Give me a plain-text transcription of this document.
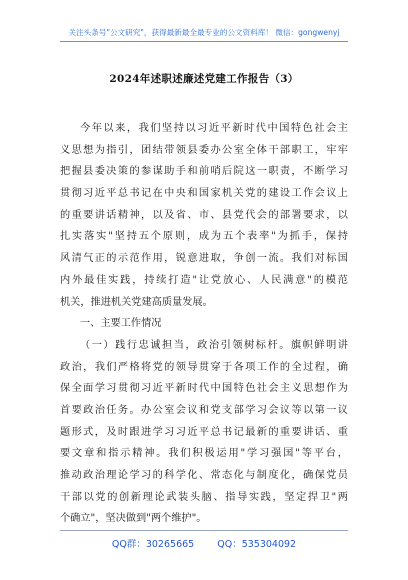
关注头条号"公文研究"，获得最新最全最专业的公文资料库！ 微信：gongwenyj
2024年述职述廉述党建工作报告（3）
今年以来，我们坚持以习近平新时代中国特色社会主
义思想为指引，团结带领县委办公室全体干部职工，牢牢
把握县委决策的参谋助手和前哨后院这一职责，不断学习
贯彻习近平总书记在中央和国家机关党的建设工作会议上
的重要讲话精神，以及省、市、县党代会的部署要求，以
扎实落实"坚持五个原则，成为五个表率"为抓手，保持
风清气正的示范作用，锐意进取，争创一流。我们对标国
内外最佳实践，持续打造"让党放心、人民满意"的模范
机关，推进机关党建高质量发展。
一、主要工作情况
（一）践行忠诚担当，政治引领树标杆。旗帜鲜明讲
政治，我们严格将党的领导贯穿于各项工作的全过程，确
保全面学习贯彻习近平新时代中国特色社会主义思想作为
首要政治任务。办公室会议和党支部学习会议等以第一议
题形式，及时跟进学习习近平总书记最新的重要讲话、重
要文章和指示精神。我们积极运用"学习强国"等平台，
推动政治理论学习的科学化、常态化与制度化，确保党员
干部以党的创新理论武装头脑、指导实践，坚定捍卫"两
个确立"，坚决做到"两个维护"。
QQ群：30265665 QQ：535304092
